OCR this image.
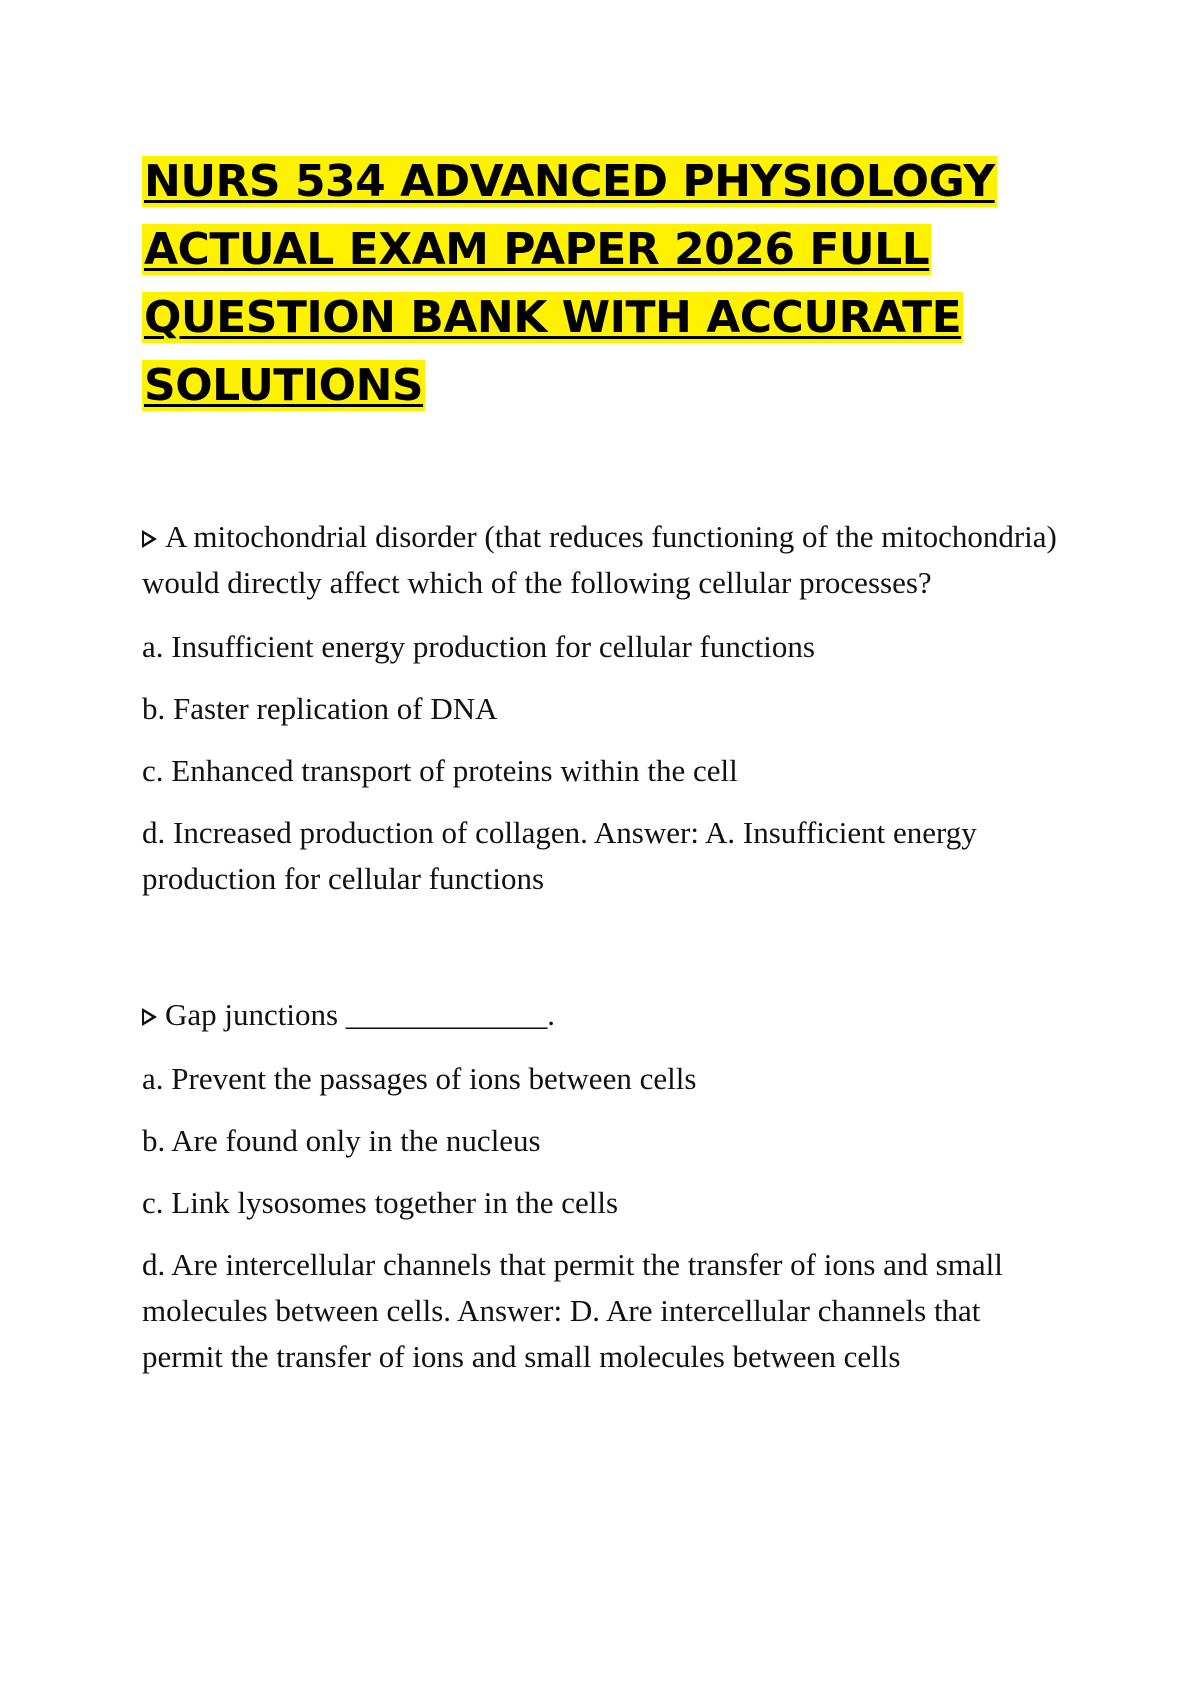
NURS 534 ADVANCED PHYSIOLOGY ACTUAL EXAM PAPER 2026 FULL QUESTION BANK WITH ACCURATE SOLUTIONS

A mitochondrial disorder (that reduces functioning of the mitochondria) would directly affect which of the following cellular processes?

a. Insufficient energy production for cellular functions

b. Faster replication of DNA

c. Enhanced transport of proteins within the cell

d. Increased production of collagen. Answer: A. Insufficient energy production for cellular functions

Gap junctions _____________.

a. Prevent the passages of ions between cells

b. Are found only in the nucleus

c. Link lysosomes together in the cells

d. Are intercellular channels that permit the transfer of ions and small molecules between cells. Answer: D. Are intercellular channels that permit the transfer of ions and small molecules between cells
